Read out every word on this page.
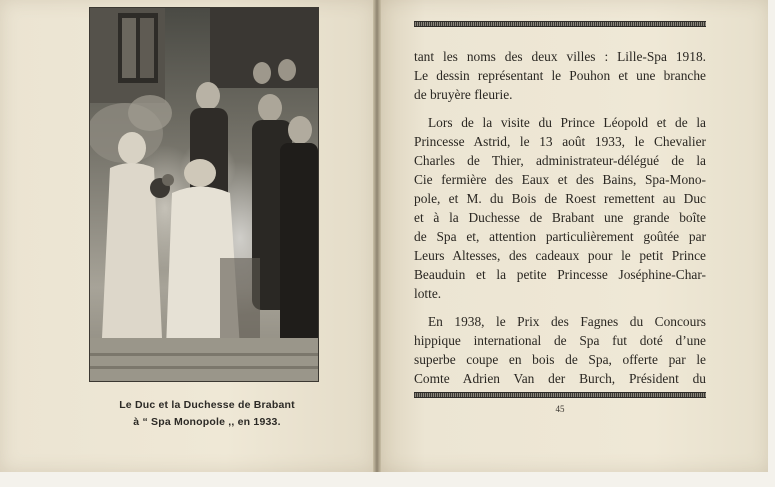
Le Duc et la Duchesse de Brabant
à “ Spa Monopole ,, en 1933.

tant les noms des deux villes : Lille-Spa 1918.
Le dessin représentant le Pouhon et une branche
de bruyère fleurie.

Lors de la visite du Prince Léopold et de la
Princesse Astrid, le 13 août 1933, le Chevalier
Charles de Thier, administrateur-délégué de la
Cie fermière des Eaux et des Bains, Spa-Mono-
pole, et M. du Bois de Roest remettent au Duc
et à la Duchesse de Brabant une grande boîte
de Spa et, attention particulièrement goûtée par
Leurs Altesses, des cadeaux pour le petit Prince
Beauduin et la petite Princesse Joséphine-Char-
lotte.

En 1938, le Prix des Fagnes du Concours
hippique international de Spa fut doté d’une
superbe coupe en bois de Spa, offerte par le
Comte Adrien Van der Burch, Président du

45
